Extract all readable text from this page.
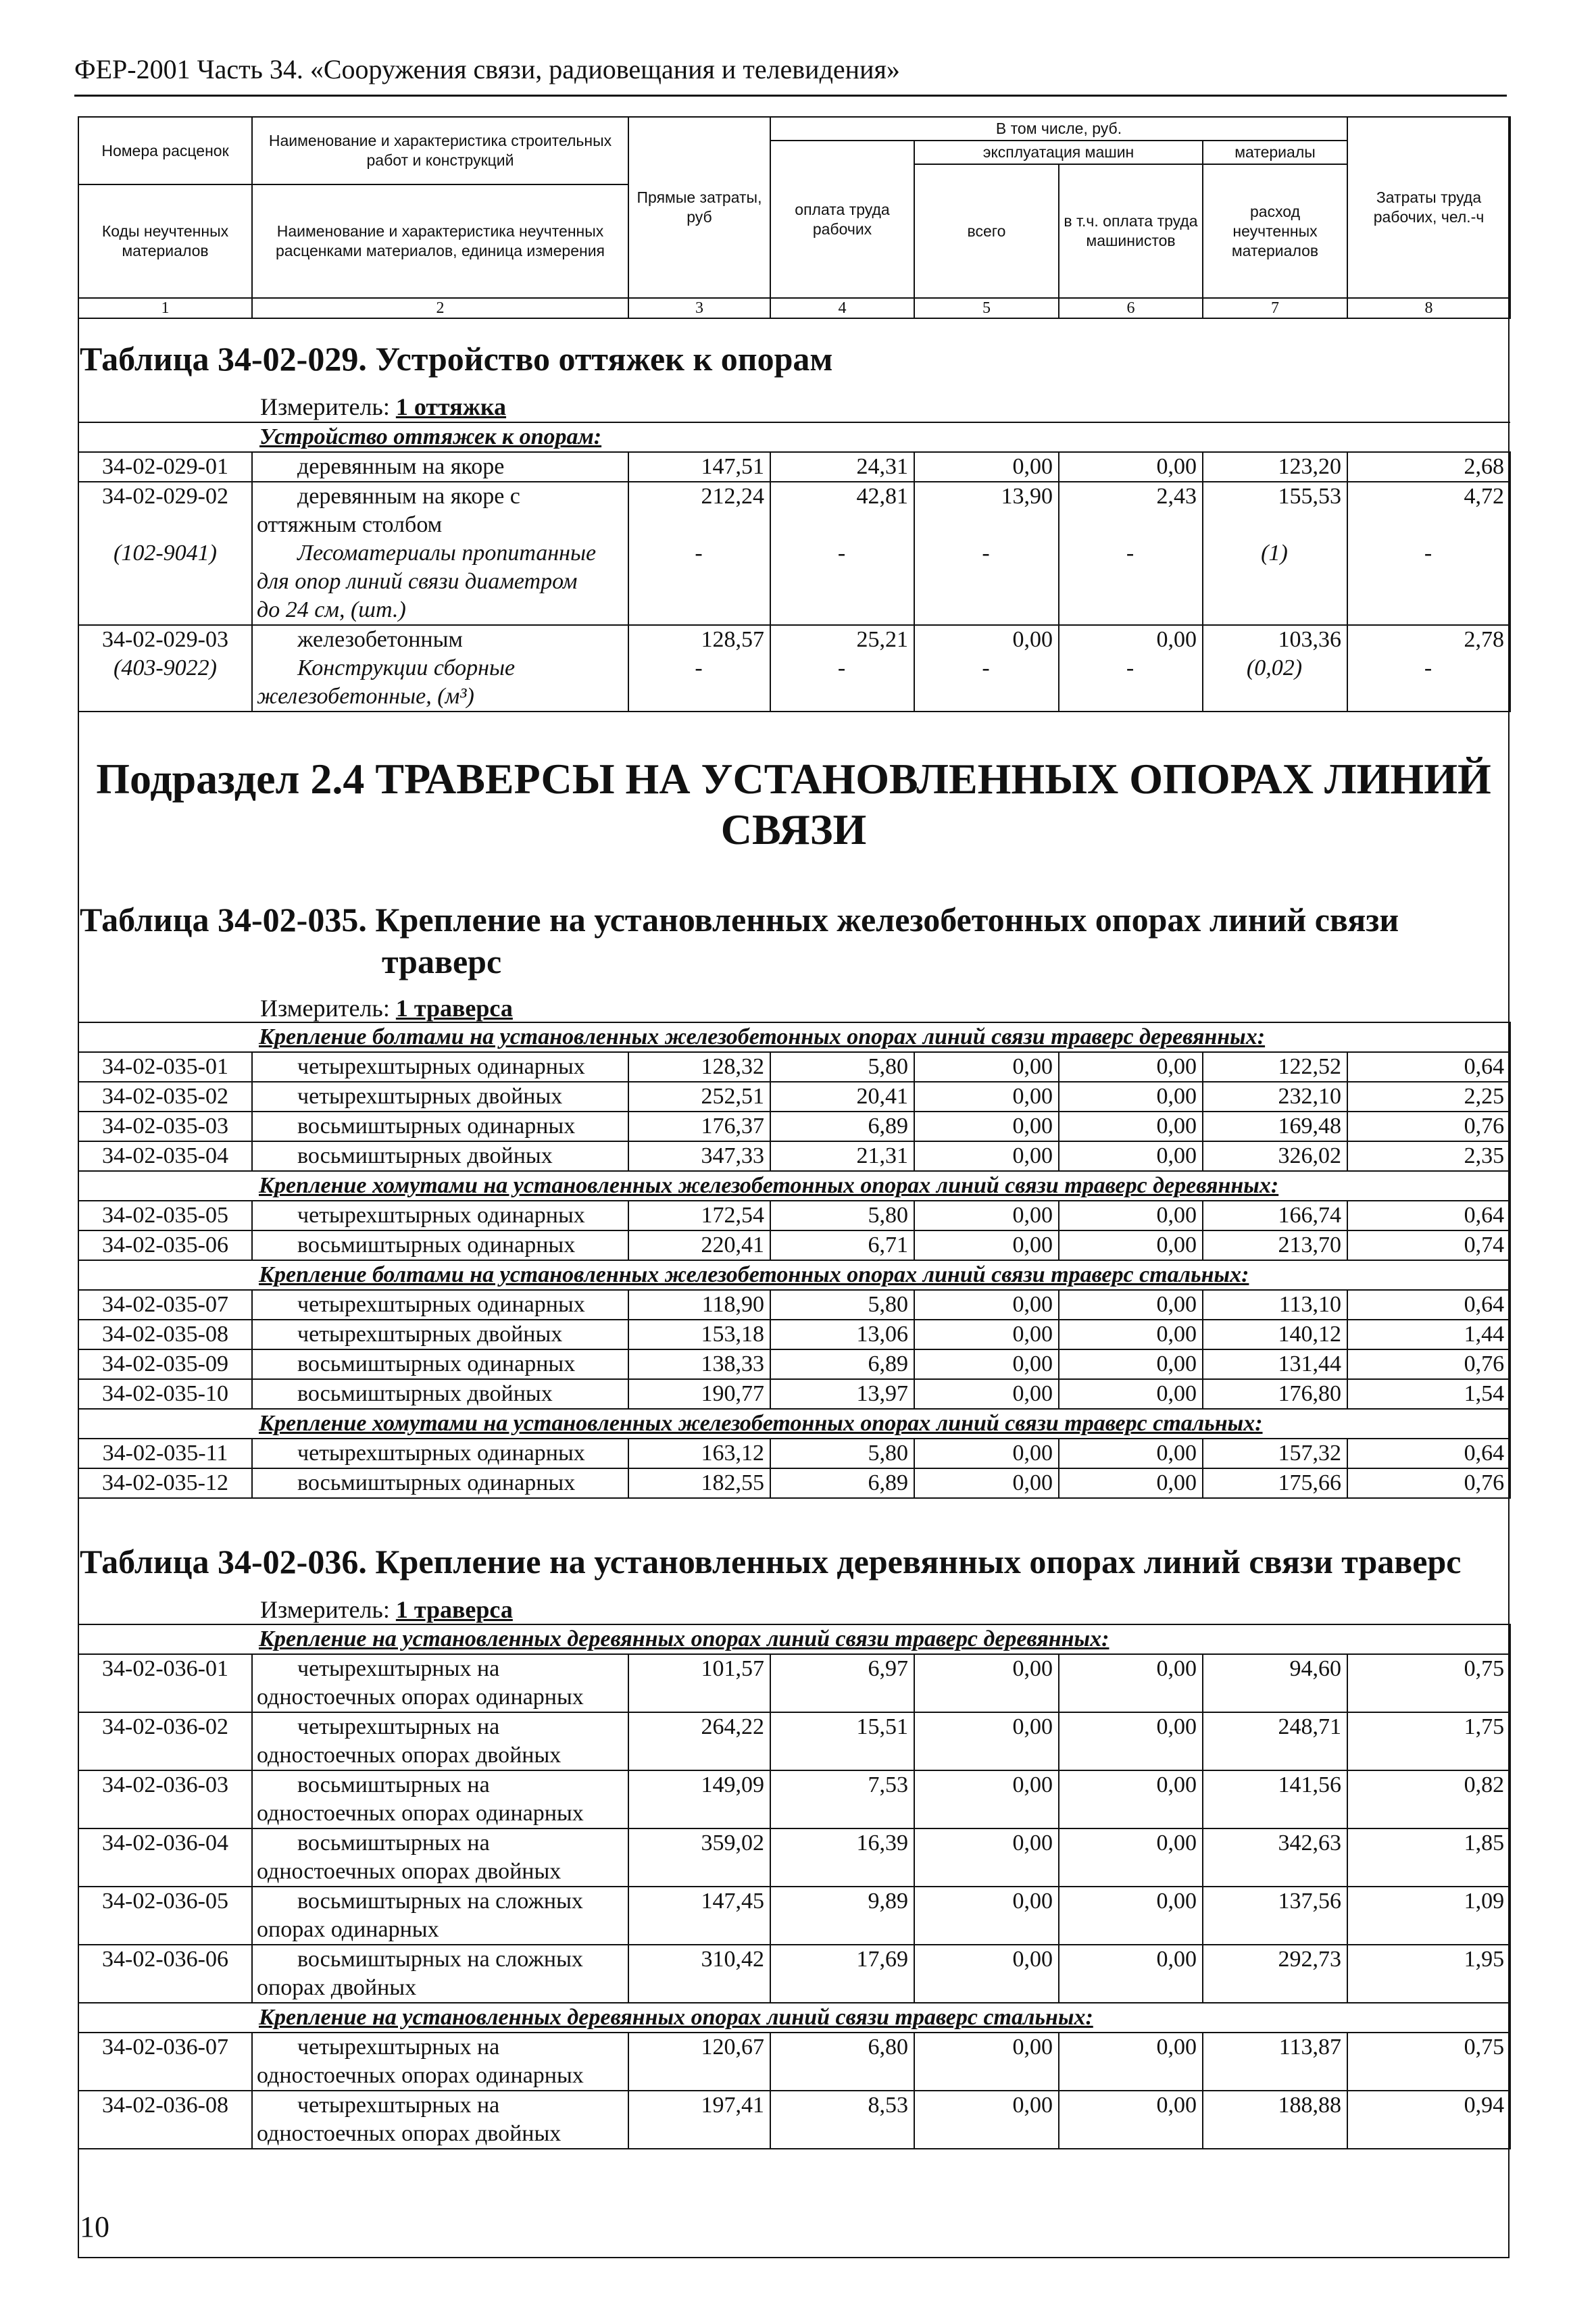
ФЕР-2001 Часть 34. «Сооружения связи, радиовещания и телевидения»
Номера расценок	Наименование и характеристика строительных работ и конструкций	Прямые затраты, руб	В том числе, руб.				Затраты труда рабочих, чел.-ч
			оплата труда рабочих	эксплуатация машин		материалы	
				всего	в т.ч. оплата труда машинистов	расход неучтенных материалов	
Коды неучтенных материалов	Наименование и характеристика неучтенных расценками материалов, единица измерения						

1	2	3	4	5	6	7	8
Таблица 34-02-029. Устройство оттяжек к опорам
Измеритель: 1 оттяжка
Устройство оттяжек к опорам:							
34-02-029-01	деревянным на якоре	147,51	24,31	0,00	0,00	123,20	2,68
34-02-029-02	деревянным на якоре с
оттяжным столбом	212,24	42,81	13,90	2,43	155,53	4,72
(102-9041)	Лесоматериалы пропитанные
для опор линий связи диаметром
до 24 см, (шт.)	-	-	-	-	(1)	-
34-02-029-03	железобетонным	128,57	25,21	0,00	0,00	103,36	2,78
(403-9022)	Конструкции сборные
железобетонные, (м³)	-	-	-	-	(0,02)	-
Подраздел 2.4 ТРАВЕРСЫ НА УСТАНОВЛЕННЫХ ОПОРАХ ЛИНИЙ
СВЯЗИ
Таблица 34-02-035. Крепление на установленных железобетонных опорах линий связи
траверс
Измеритель: 1 траверса
Крепление болтами на установленных железобетонных опорах линий связи траверс деревянных:							
34-02-035-01	четырехштырных одинарных	128,32	5,80	0,00	0,00	122,52	0,64
34-02-035-02	четырехштырных двойных	252,51	20,41	0,00	0,00	232,10	2,25
34-02-035-03	восьмиштырных одинарных	176,37	6,89	0,00	0,00	169,48	0,76
34-02-035-04	восьмиштырных двойных	347,33	21,31	0,00	0,00	326,02	2,35
Крепление хомутами на установленных железобетонных опорах линий связи траверс деревянных:							
34-02-035-05	четырехштырных одинарных	172,54	5,80	0,00	0,00	166,74	0,64
34-02-035-06	восьмиштырных одинарных	220,41	6,71	0,00	0,00	213,70	0,74
Крепление болтами на установленных железобетонных опорах линий связи траверс стальных:							
34-02-035-07	четырехштырных одинарных	118,90	5,80	0,00	0,00	113,10	0,64
34-02-035-08	четырехштырных двойных	153,18	13,06	0,00	0,00	140,12	1,44
34-02-035-09	восьмиштырных одинарных	138,33	6,89	0,00	0,00	131,44	0,76
34-02-035-10	восьмиштырных двойных	190,77	13,97	0,00	0,00	176,80	1,54
Крепление хомутами на установленных железобетонных опорах линий связи траверс стальных:							
34-02-035-11	четырехштырных одинарных	163,12	5,80	0,00	0,00	157,32	0,64
34-02-035-12	восьмиштырных одинарных	182,55	6,89	0,00	0,00	175,66	0,76
Таблица 34-02-036. Крепление на установленных деревянных опорах линий связи траверс
Измеритель: 1 траверса
Крепление на установленных деревянных опорах линий связи траверс деревянных:							
34-02-036-01	четырехштырных на
одностоечных опорах одинарных	101,57	6,97	0,00	0,00	94,60	0,75
34-02-036-02	четырехштырных на
одностоечных опорах двойных	264,22	15,51	0,00	0,00	248,71	1,75
34-02-036-03	восьмиштырных на
одностоечных опорах одинарных	149,09	7,53	0,00	0,00	141,56	0,82
34-02-036-04	восьмиштырных на
одностоечных опорах двойных	359,02	16,39	0,00	0,00	342,63	1,85
34-02-036-05	восьмиштырных на сложных
опорах одинарных	147,45	9,89	0,00	0,00	137,56	1,09
34-02-036-06	восьмиштырных на сложных
опорах двойных	310,42	17,69	0,00	0,00	292,73	1,95
Крепление на установленных деревянных опорах линий связи траверс стальных:							
34-02-036-07	четырехштырных на
одностоечных опорах одинарных	120,67	6,80	0,00	0,00	113,87	0,75
34-02-036-08	четырехштырных на
одностоечных опорах двойных	197,41	8,53	0,00	0,00	188,88	0,94
10
